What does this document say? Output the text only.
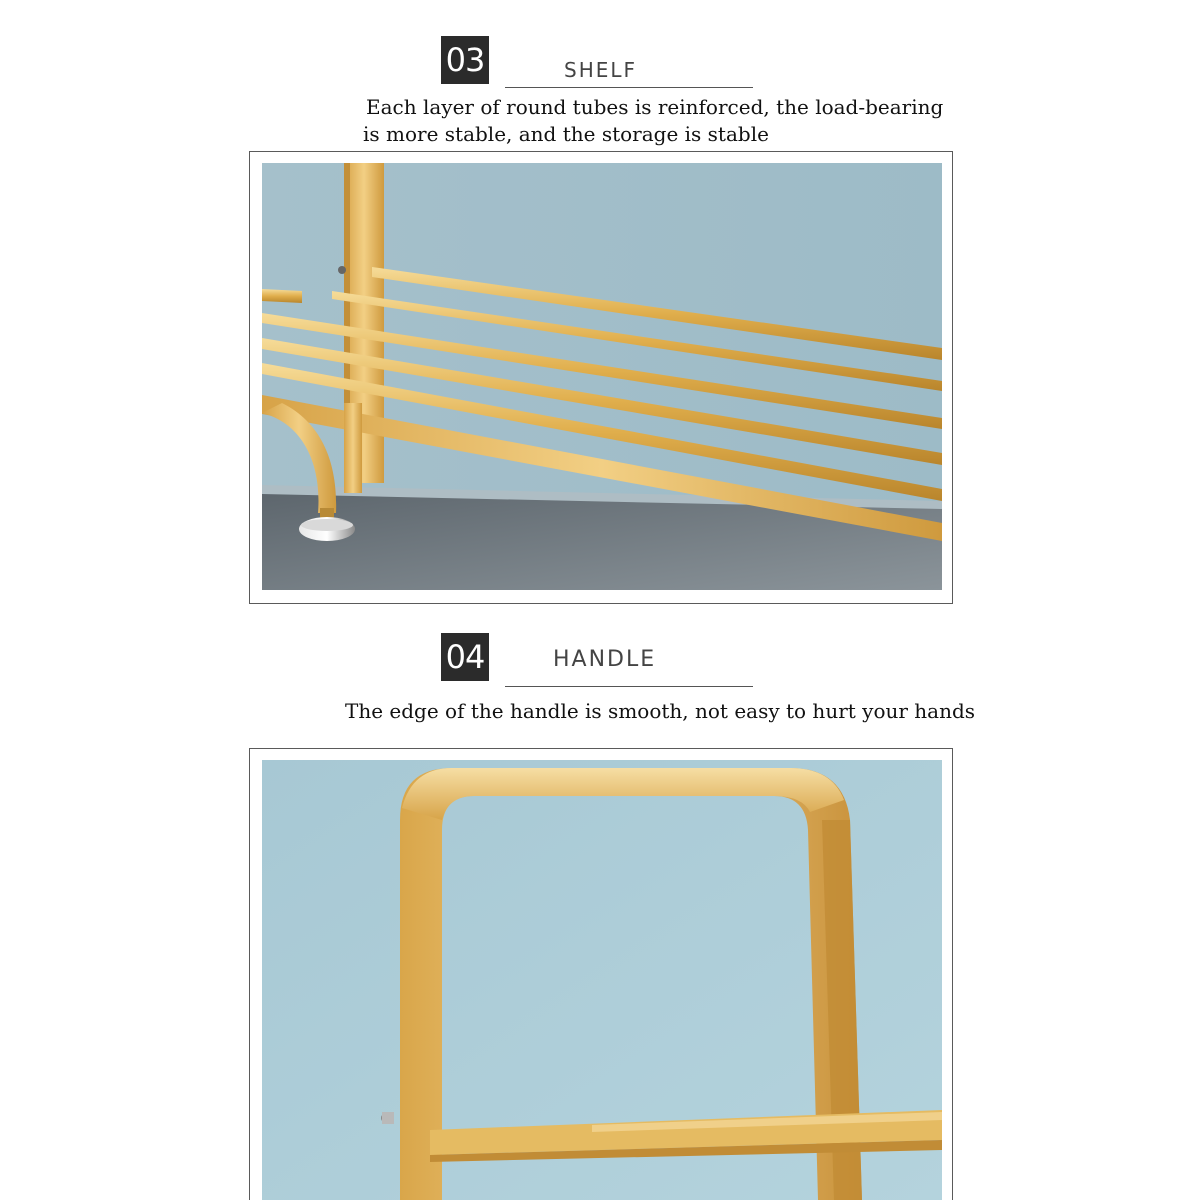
03	SHELF
Each layer of round tubes is reinforced, the load-bearing
is more stable, and the storage is stable
04	HANDLE
The edge of the handle is smooth, not easy to hurt your hands
